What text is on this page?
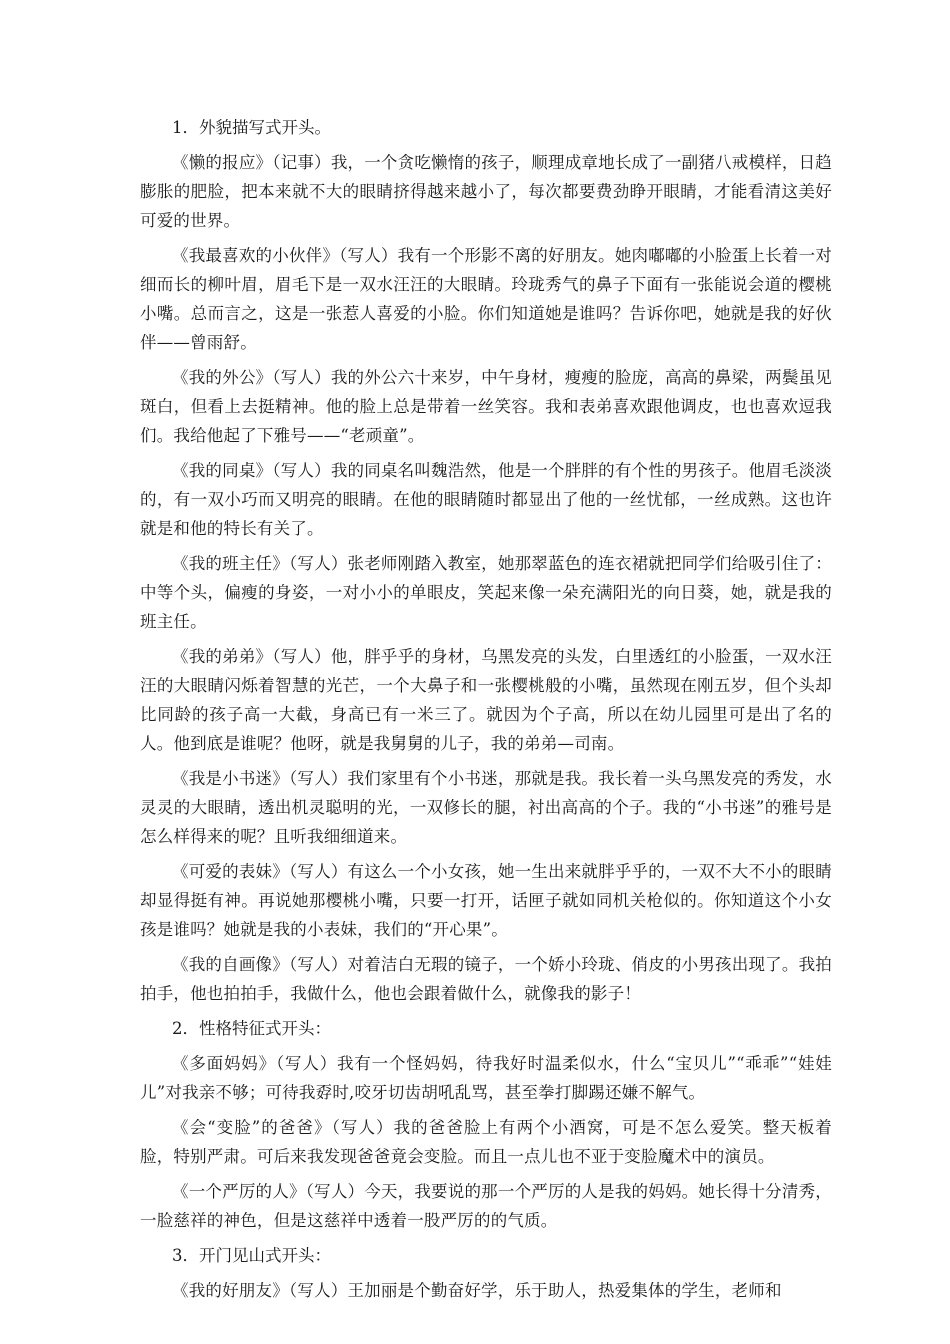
1．外貌描写式开头。

《懒的报应》（记事）我，一个贪吃懒惰的孩子，顺理成章地长成了一副猪八戒模样，日趋膨胀的肥脸，把本来就不大的眼睛挤得越来越小了，每次都要费劲睁开眼睛，才能看清这美好可爱的世界。

《我最喜欢的小伙伴》（写人）我有一个形影不离的好朋友。她肉嘟嘟的小脸蛋上长着一对细而长的柳叶眉，眉毛下是一双水汪汪的大眼睛。玲珑秀气的鼻子下面有一张能说会道的樱桃小嘴。总而言之，这是一张惹人喜爱的小脸。你们知道她是谁吗？告诉你吧，她就是我的好伙伴——曾雨舒。

《我的外公》（写人）我的外公六十来岁，中午身材，瘦瘦的脸庞，高高的鼻梁，两鬓虽见斑白，但看上去挺精神。他的脸上总是带着一丝笑容。我和表弟喜欢跟他调皮，也也喜欢逗我们。我给他起了下雅号——“老顽童”。

《我的同桌》（写人）我的同桌名叫魏浩然，他是一个胖胖的有个性的男孩子。他眉毛淡淡的，有一双小巧而又明亮的眼睛。在他的眼睛随时都显出了他的一丝忧郁，一丝成熟。这也许就是和他的特长有关了。

《我的班主任》（写人）张老师刚踏入教室，她那翠蓝色的连衣裙就把同学们给吸引住了：中等个头，偏瘦的身姿，一对小小的单眼皮，笑起来像一朵充满阳光的向日葵，她，就是我的班主任。

《我的弟弟》（写人）他，胖乎乎的身材，乌黑发亮的头发，白里透红的小脸蛋，一双水汪汪的大眼睛闪烁着智慧的光芒，一个大鼻子和一张樱桃般的小嘴，虽然现在刚五岁，但个头却比同龄的孩子高一大截，身高已有一米三了。就因为个子高，所以在幼儿园里可是出了名的人。他到底是谁呢？他呀，就是我舅舅的儿子，我的弟弟—司南。

《我是小书迷》（写人）我们家里有个小书迷，那就是我。我长着一头乌黑发亮的秀发，水灵灵的大眼睛，透出机灵聪明的光，一双修长的腿，衬出高高的个子。我的“小书迷”的雅号是怎么样得来的呢？且听我细细道来。

《可爱的表妹》（写人）有这么一个小女孩，她一生出来就胖乎乎的，一双不大不小的眼睛却显得挺有神。再说她那樱桃小嘴，只要一打开，话匣子就如同机关枪似的。你知道这个小女孩是谁吗？她就是我的小表妹，我们的“开心果”。

《我的自画像》（写人）对着洁白无瑕的镜子，一个娇小玲珑、俏皮的小男孩出现了。我拍拍手，他也拍拍手，我做什么，他也会跟着做什么，就像我的影子！

2．性格特征式开头：

《多面妈妈》（写人）我有一个怪妈妈，待我好时温柔似水，什么“宝贝儿”“乖乖”“娃娃儿”对我亲不够；可待我孬时,咬牙切齿胡吼乱骂，甚至拳打脚踢还嫌不解气。

《会“变脸”的爸爸》（写人）我的爸爸脸上有两个小酒窝，可是不怎么爱笑。整天板着脸，特别严肃。可后来我发现爸爸竟会变脸。而且一点儿也不亚于变脸魔术中的演员。

《一个严厉的人》（写人）今天，我要说的那一个严厉的人是我的妈妈。她长得十分清秀，一脸慈祥的神色，但是这慈祥中透着一股严厉的的气质。

3．开门见山式开头：

《我的好朋友》（写人）王加丽是个勤奋好学，乐于助人，热爱集体的学生，老师和
